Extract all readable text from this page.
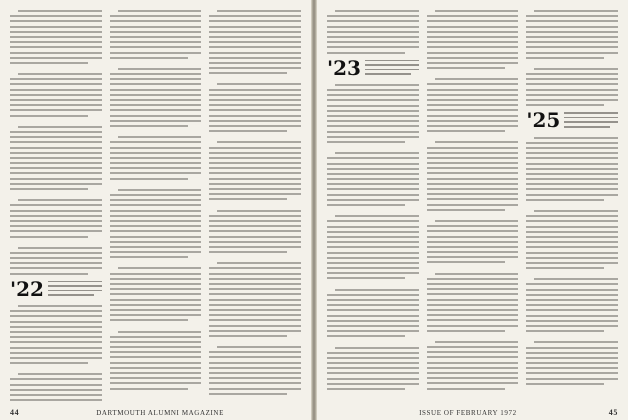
'22
44	DARTMOUTH ALUMNI MAGAZINE
'23
'25
ISSUE OF FEBRUARY 1972	45
